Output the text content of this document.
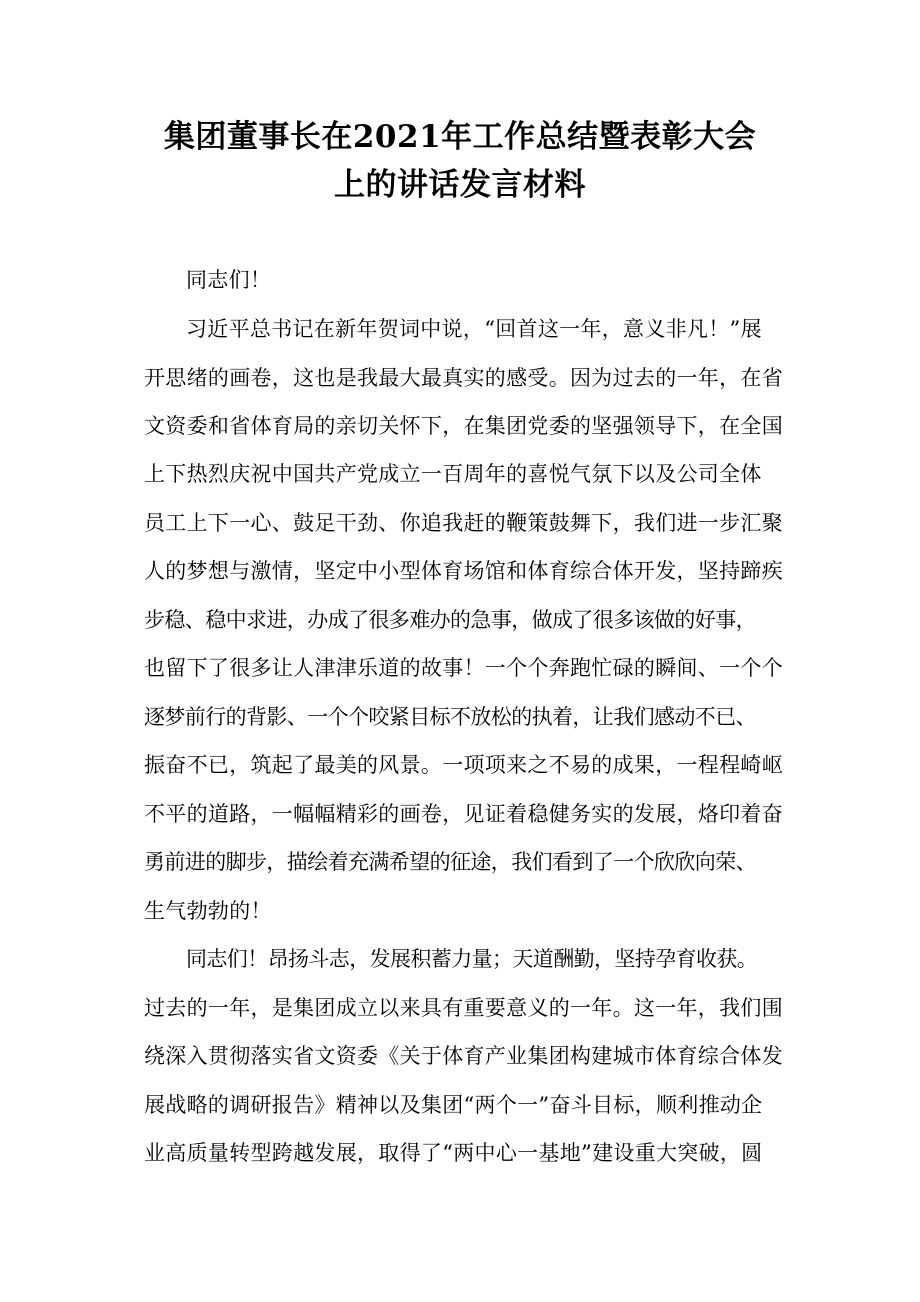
集团董事长在2021年工作总结暨表彰大会
上的讲话发言材料
同志们！
习近平总书记在新年贺词中说，“回首这一年，意义非凡！”展
开思绪的画卷，这也是我最大最真实的感受。因为过去的一年，在省
文资委和省体育局的亲切关怀下，在集团党委的坚强领导下，在全国
上下热烈庆祝中国共产党成立一百周年的喜悦气氛下以及公司全体
员工上下一心、鼓足干劲、你追我赶的鞭策鼓舞下，我们进一步汇聚
人的梦想与激情，坚定中小型体育场馆和体育综合体开发，坚持蹄疾
步稳、稳中求进，办成了很多难办的急事，做成了很多该做的好事，
也留下了很多让人津津乐道的故事！一个个奔跑忙碌的瞬间、一个个
逐梦前行的背影、一个个咬紧目标不放松的执着，让我们感动不已、
振奋不已，筑起了最美的风景。一项项来之不易的成果，一程程崎岖
不平的道路，一幅幅精彩的画卷，见证着稳健务实的发展，烙印着奋
勇前进的脚步，描绘着充满希望的征途，我们看到了一个欣欣向荣、
生气勃勃的！
同志们！昂扬斗志，发展积蓄力量；天道酬勤，坚持孕育收获。
过去的一年，是集团成立以来具有重要意义的一年。这一年，我们围
绕深入贯彻落实省文资委《关于体育产业集团构建城市体育综合体发
展战略的调研报告》精神以及集团“两个一”奋斗目标，顺利推动企
业高质量转型跨越发展，取得了“两中心一基地”建设重大突破，圆
